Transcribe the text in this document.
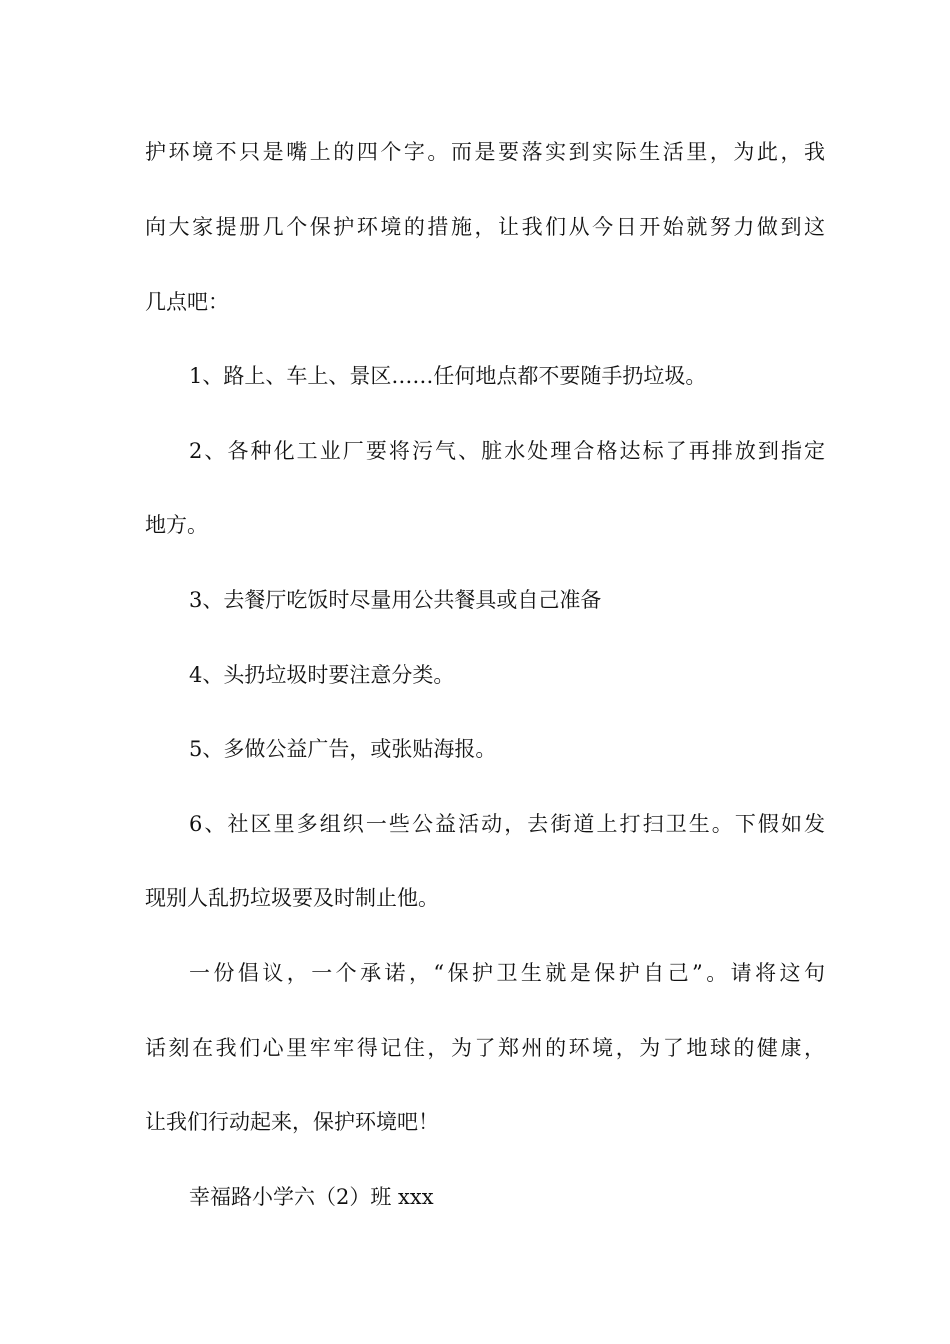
护环境不只是嘴上的四个字。而是要落实到实际生活里，为此，我
向大家提册几个保护环境的措施，让我们从今日开始就努力做到这
几点吧：
1、路上、车上、景区……任何地点都不要随手扔垃圾。
2、各种化工业厂要将污气、脏水处理合格达标了再排放到指定
地方。
3、去餐厅吃饭时尽量用公共餐具或自己准备
4、头扔垃圾时要注意分类。
5、多做公益广告，或张贴海报。
6、社区里多组织一些公益活动，去街道上打扫卫生。下假如发
现别人乱扔垃圾要及时制止他。
一份倡议，一个承诺，“保护卫生就是保护自己”。请将这句
话刻在我们心里牢牢得记住，为了郑州的环境，为了地球的健康，
让我们行动起来，保护环境吧！
幸福路小学六（2）班 xxx
